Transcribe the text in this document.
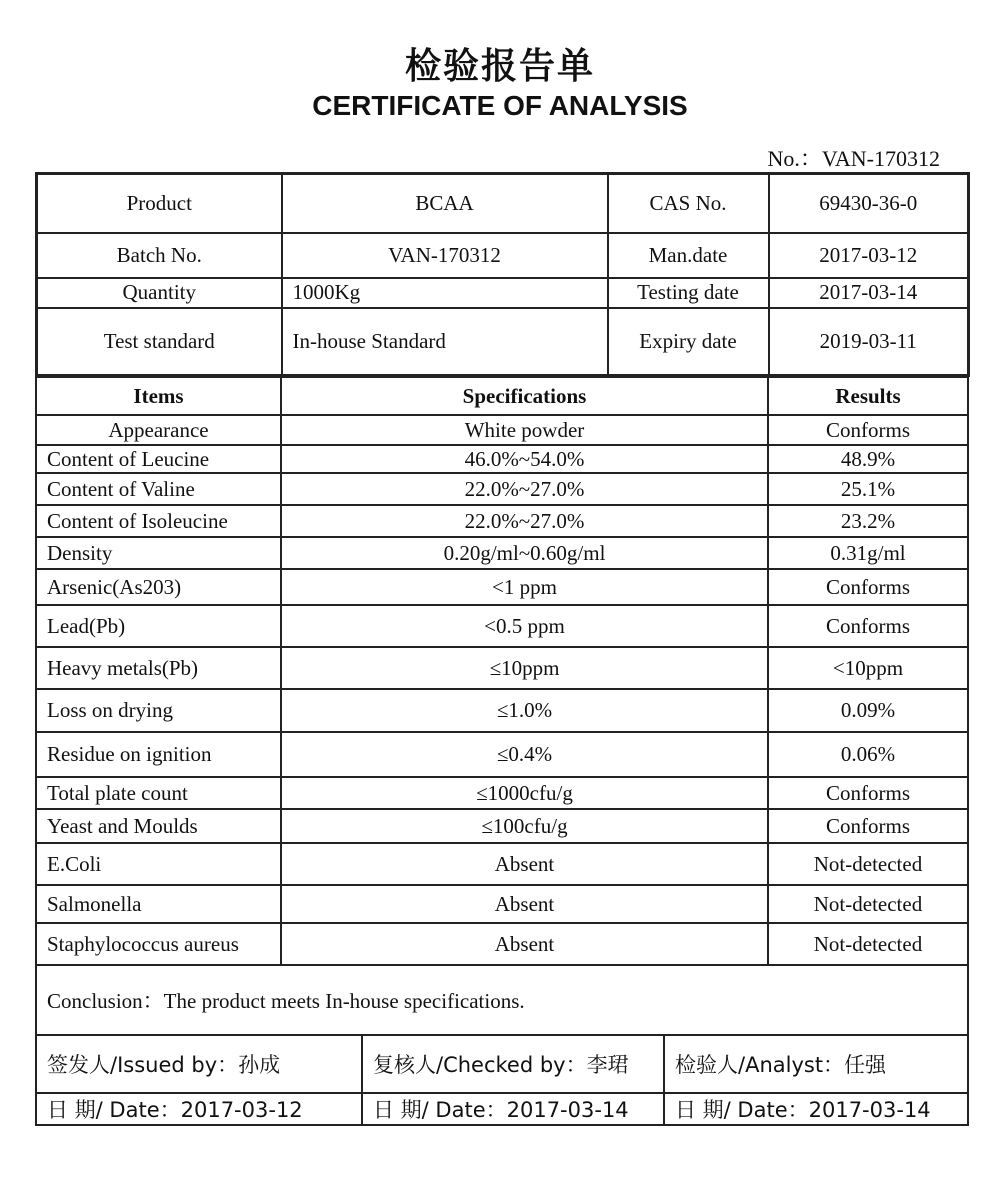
检验报告单
CERTIFICATE OF ANALYSIS
No.：VAN-170312
Product	BCAA	CAS No.	69430-36-0
Batch No.	VAN-170312	Man.date	2017-03-12
Quantity	1000Kg	Testing date	2017-03-14
Test standard	In-house Standard	Expiry date	2019-03-11
Items	Specifications	Results
Appearance	White powder	Conforms
Content of Leucine	46.0%~54.0%	48.9%
Content of Valine	22.0%~27.0%	25.1%
Content of Isoleucine	22.0%~27.0%	23.2%
Density	0.20g/ml~0.60g/ml	0.31g/ml
Arsenic(As203)	<1 ppm	Conforms
Lead(Pb)	<0.5 ppm	Conforms
Heavy metals(Pb)	≤10ppm	<10ppm
Loss on drying	≤1.0%	0.09%
Residue on ignition	≤0.4%	0.06%
Total plate count	≤1000cfu/g	Conforms
Yeast and Moulds	≤100cfu/g	Conforms
E.Coli	Absent	Not-detected
Salmonella	Absent	Not-detected
Staphylococcus aureus	Absent	Not-detected
Conclusion：The product meets In-house specifications.		
签发人/Issued by：孙成	复核人/Checked by：李珺	检验人/Analyst：任强
日 期/ Date：2017-03-12	日 期/ Date：2017-03-14	日 期/ Date：2017-03-14
